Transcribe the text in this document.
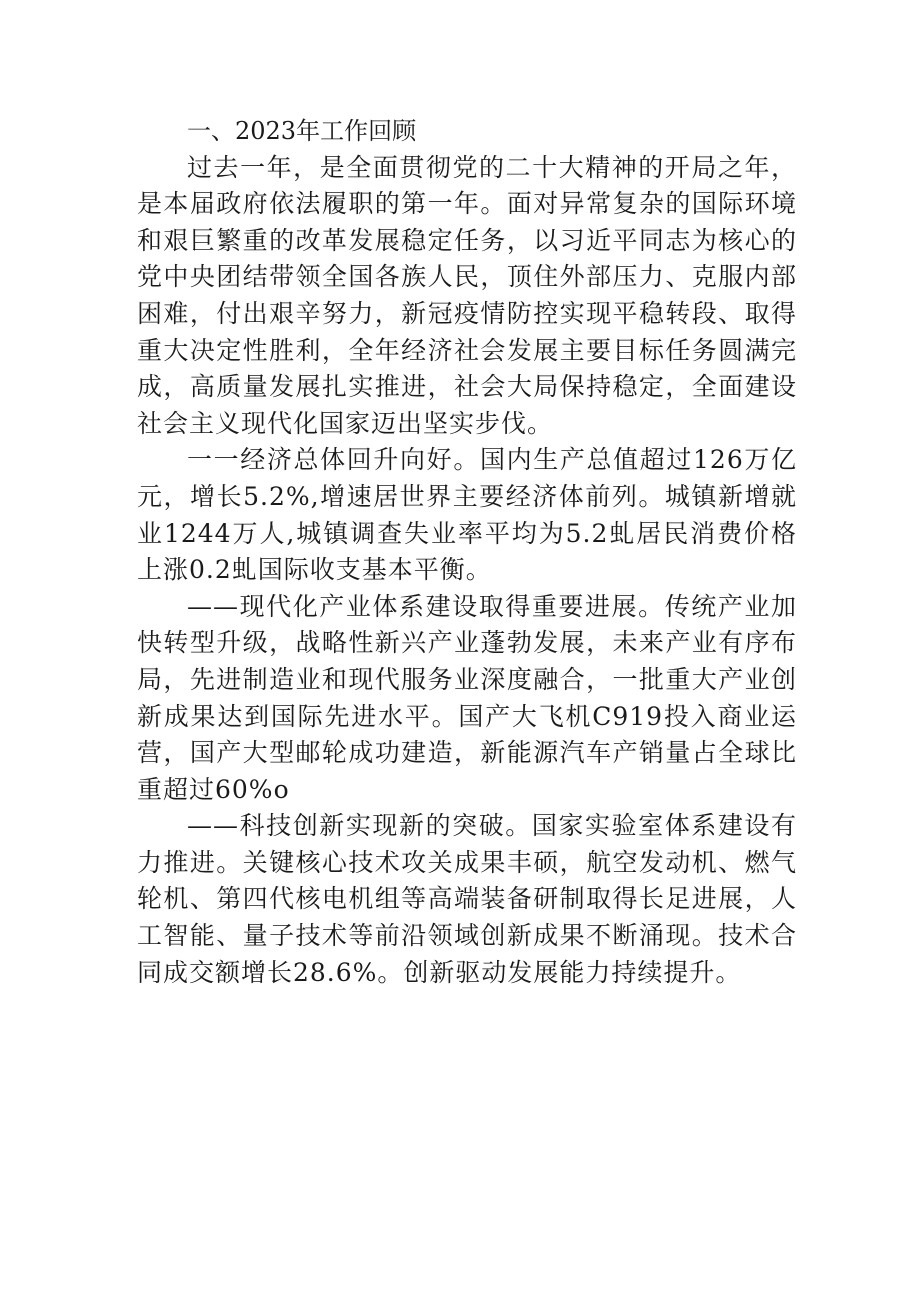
一、2023年工作回顾

过去一年，是全面贯彻党的二十大精神的开局之年，是本届政府依法履职的第一年。面对异常复杂的国际环境和艰巨繁重的改革发展稳定任务，以习近平同志为核心的党中央团结带领全国各族人民，顶住外部压力、克服内部困难，付出艰辛努力，新冠疫情防控实现平稳转段、取得重大决定性胜利，全年经济社会发展主要目标任务圆满完成，高质量发展扎实推进，社会大局保持稳定，全面建设社会主义现代化国家迈出坚实步伐。

一一经济总体回升向好。国内生产总值超过126万亿元，增长5.2%,增速居世界主要经济体前列。城镇新增就业1244万人,城镇调查失业率平均为5.2虬居民消费价格上涨0.2虬国际收支基本平衡。

——现代化产业体系建设取得重要进展。传统产业加快转型升级，战略性新兴产业蓬勃发展，未来产业有序布局，先进制造业和现代服务业深度融合，一批重大产业创新成果达到国际先进水平。国产大飞机C919投入商业运营，国产大型邮轮成功建造，新能源汽车产销量占全球比重超过60%o

——科技创新实现新的突破。国家实验室体系建设有力推进。关键核心技术攻关成果丰硕，航空发动机、燃气轮机、第四代核电机组等高端装备研制取得长足进展，人工智能、量子技术等前沿领域创新成果不断涌现。技术合同成交额增长28.6%。创新驱动发展能力持续提升。
